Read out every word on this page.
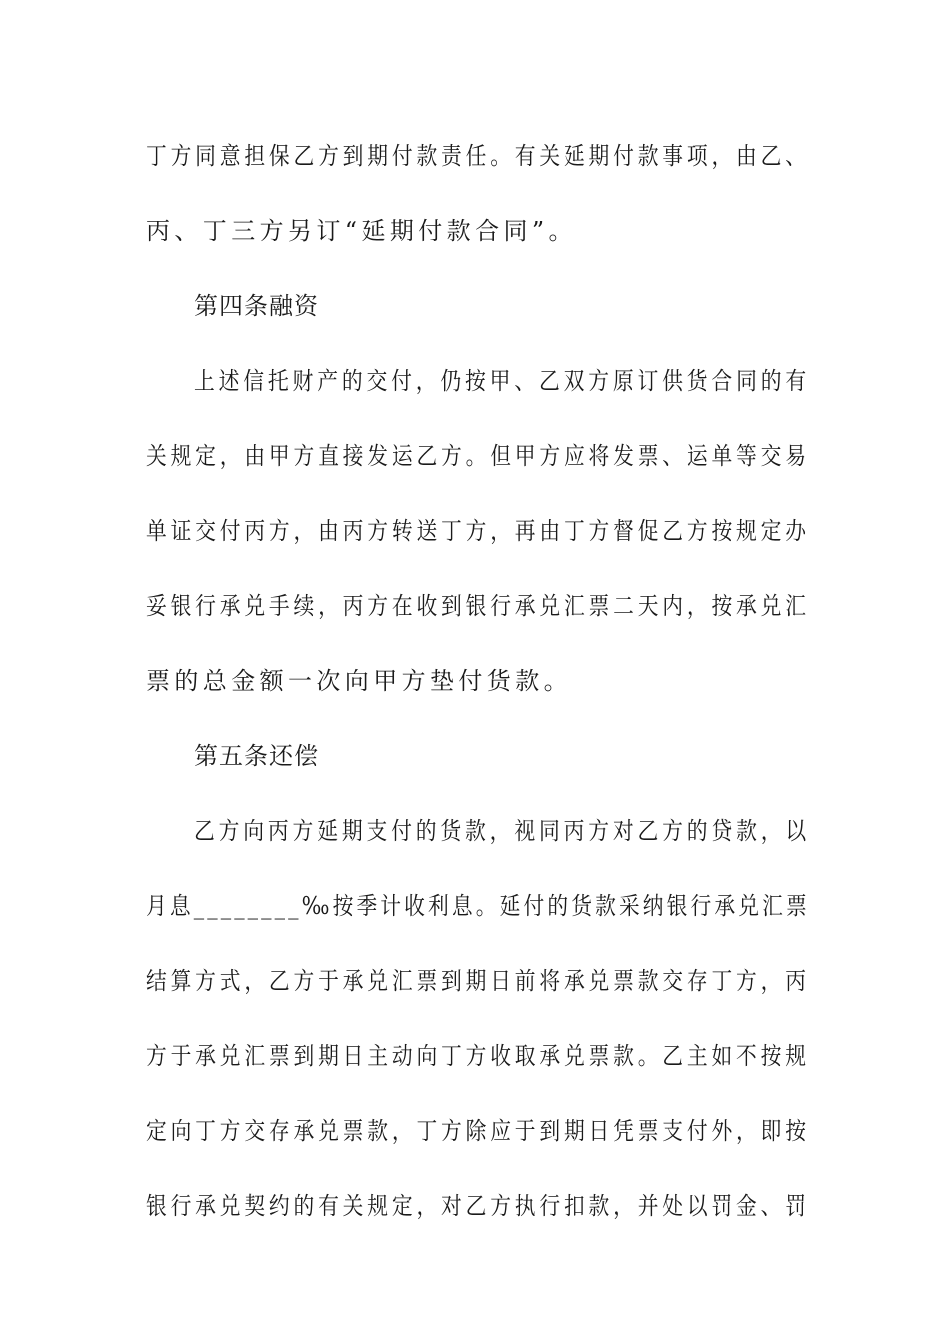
丁方同意担保乙方到期付款责任。有关延期付款事项，由乙、
丙、丁三方另订“延期付款合同”。
第四条融资
上述信托财产的交付，仍按甲、乙双方原订供货合同的有
关规定，由甲方直接发运乙方。但甲方应将发票、运单等交易
单证交付丙方，由丙方转送丁方，再由丁方督促乙方按规定办
妥银行承兑手续，丙方在收到银行承兑汇票二天内，按承兑汇
票的总金额一次向甲方垫付货款。
第五条还偿
乙方向丙方延期支付的货款，视同丙方对乙方的贷款，以
月息________‰按季计收利息。延付的货款采纳银行承兑汇票
结算方式，乙方于承兑汇票到期日前将承兑票款交存丁方，丙
方于承兑汇票到期日主动向丁方收取承兑票款。乙主如不按规
定向丁方交存承兑票款，丁方除应于到期日凭票支付外，即按
银行承兑契约的有关规定，对乙方执行扣款，并处以罚金、罚
